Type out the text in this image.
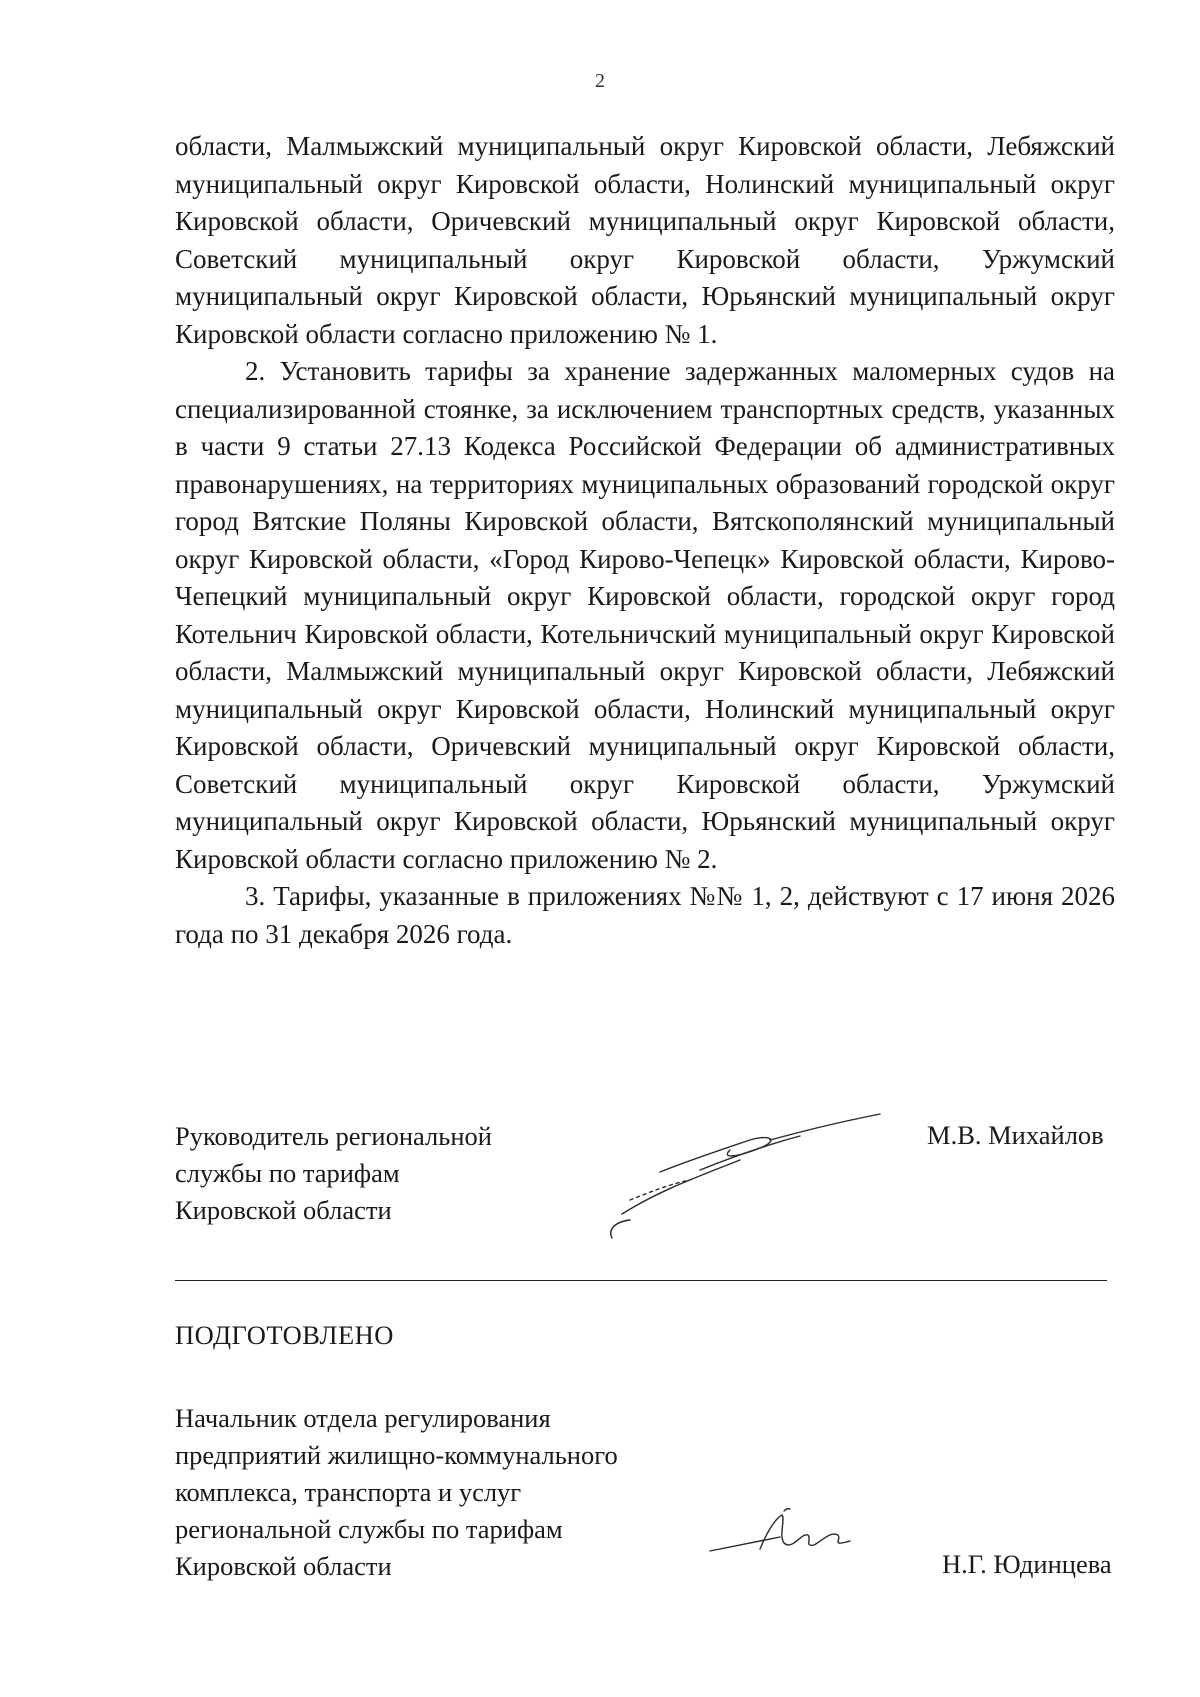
2

области, Малмыжский муниципальный округ Кировской области, Лебяжский муниципальный округ Кировской области, Нолинский муниципальный округ Кировской области, Оричевский муниципальный округ Кировской области, Советский муниципальный округ Кировской области, Уржумский муниципальный округ Кировской области, Юрьянский муниципальный округ Кировской области согласно приложению № 1.

2. Установить тарифы за хранение задержанных маломерных судов на специализированной стоянке, за исключением транспортных средств, указанных в части 9 статьи 27.13 Кодекса Российской Федерации об административных правонарушениях, на территориях муниципальных образований городской округ город Вятские Поляны Кировской области, Вятскополянский муниципальный округ Кировской области, «Город Кирово-Чепецк» Кировской области, Кирово-Чепецкий муниципальный округ Кировской области, городской округ город Котельнич Кировской области, Котельничский муниципальный округ Кировской области, Малмыжский муниципальный округ Кировской области, Лебяжский муниципальный округ Кировской области, Нолинский муниципальный округ Кировской области, Оричевский муниципальный округ Кировской области, Советский муниципальный округ Кировской области, Уржумский муниципальный округ Кировской области, Юрьянский муниципальный округ Кировской области согласно приложению № 2.

3. Тарифы, указанные в приложениях №№ 1, 2, действуют с 17 июня 2026 года по 31 декабря 2026 года.

Руководитель региональной
службы по тарифам
Кировской области
М.В. Михайлов
ПОДГОТОВЛЕНО
Начальник отдела регулирования
предприятий жилищно-коммунального
комплекса, транспорта и услуг
региональной службы по тарифам
Кировской области	Н.Г. Юдинцева
